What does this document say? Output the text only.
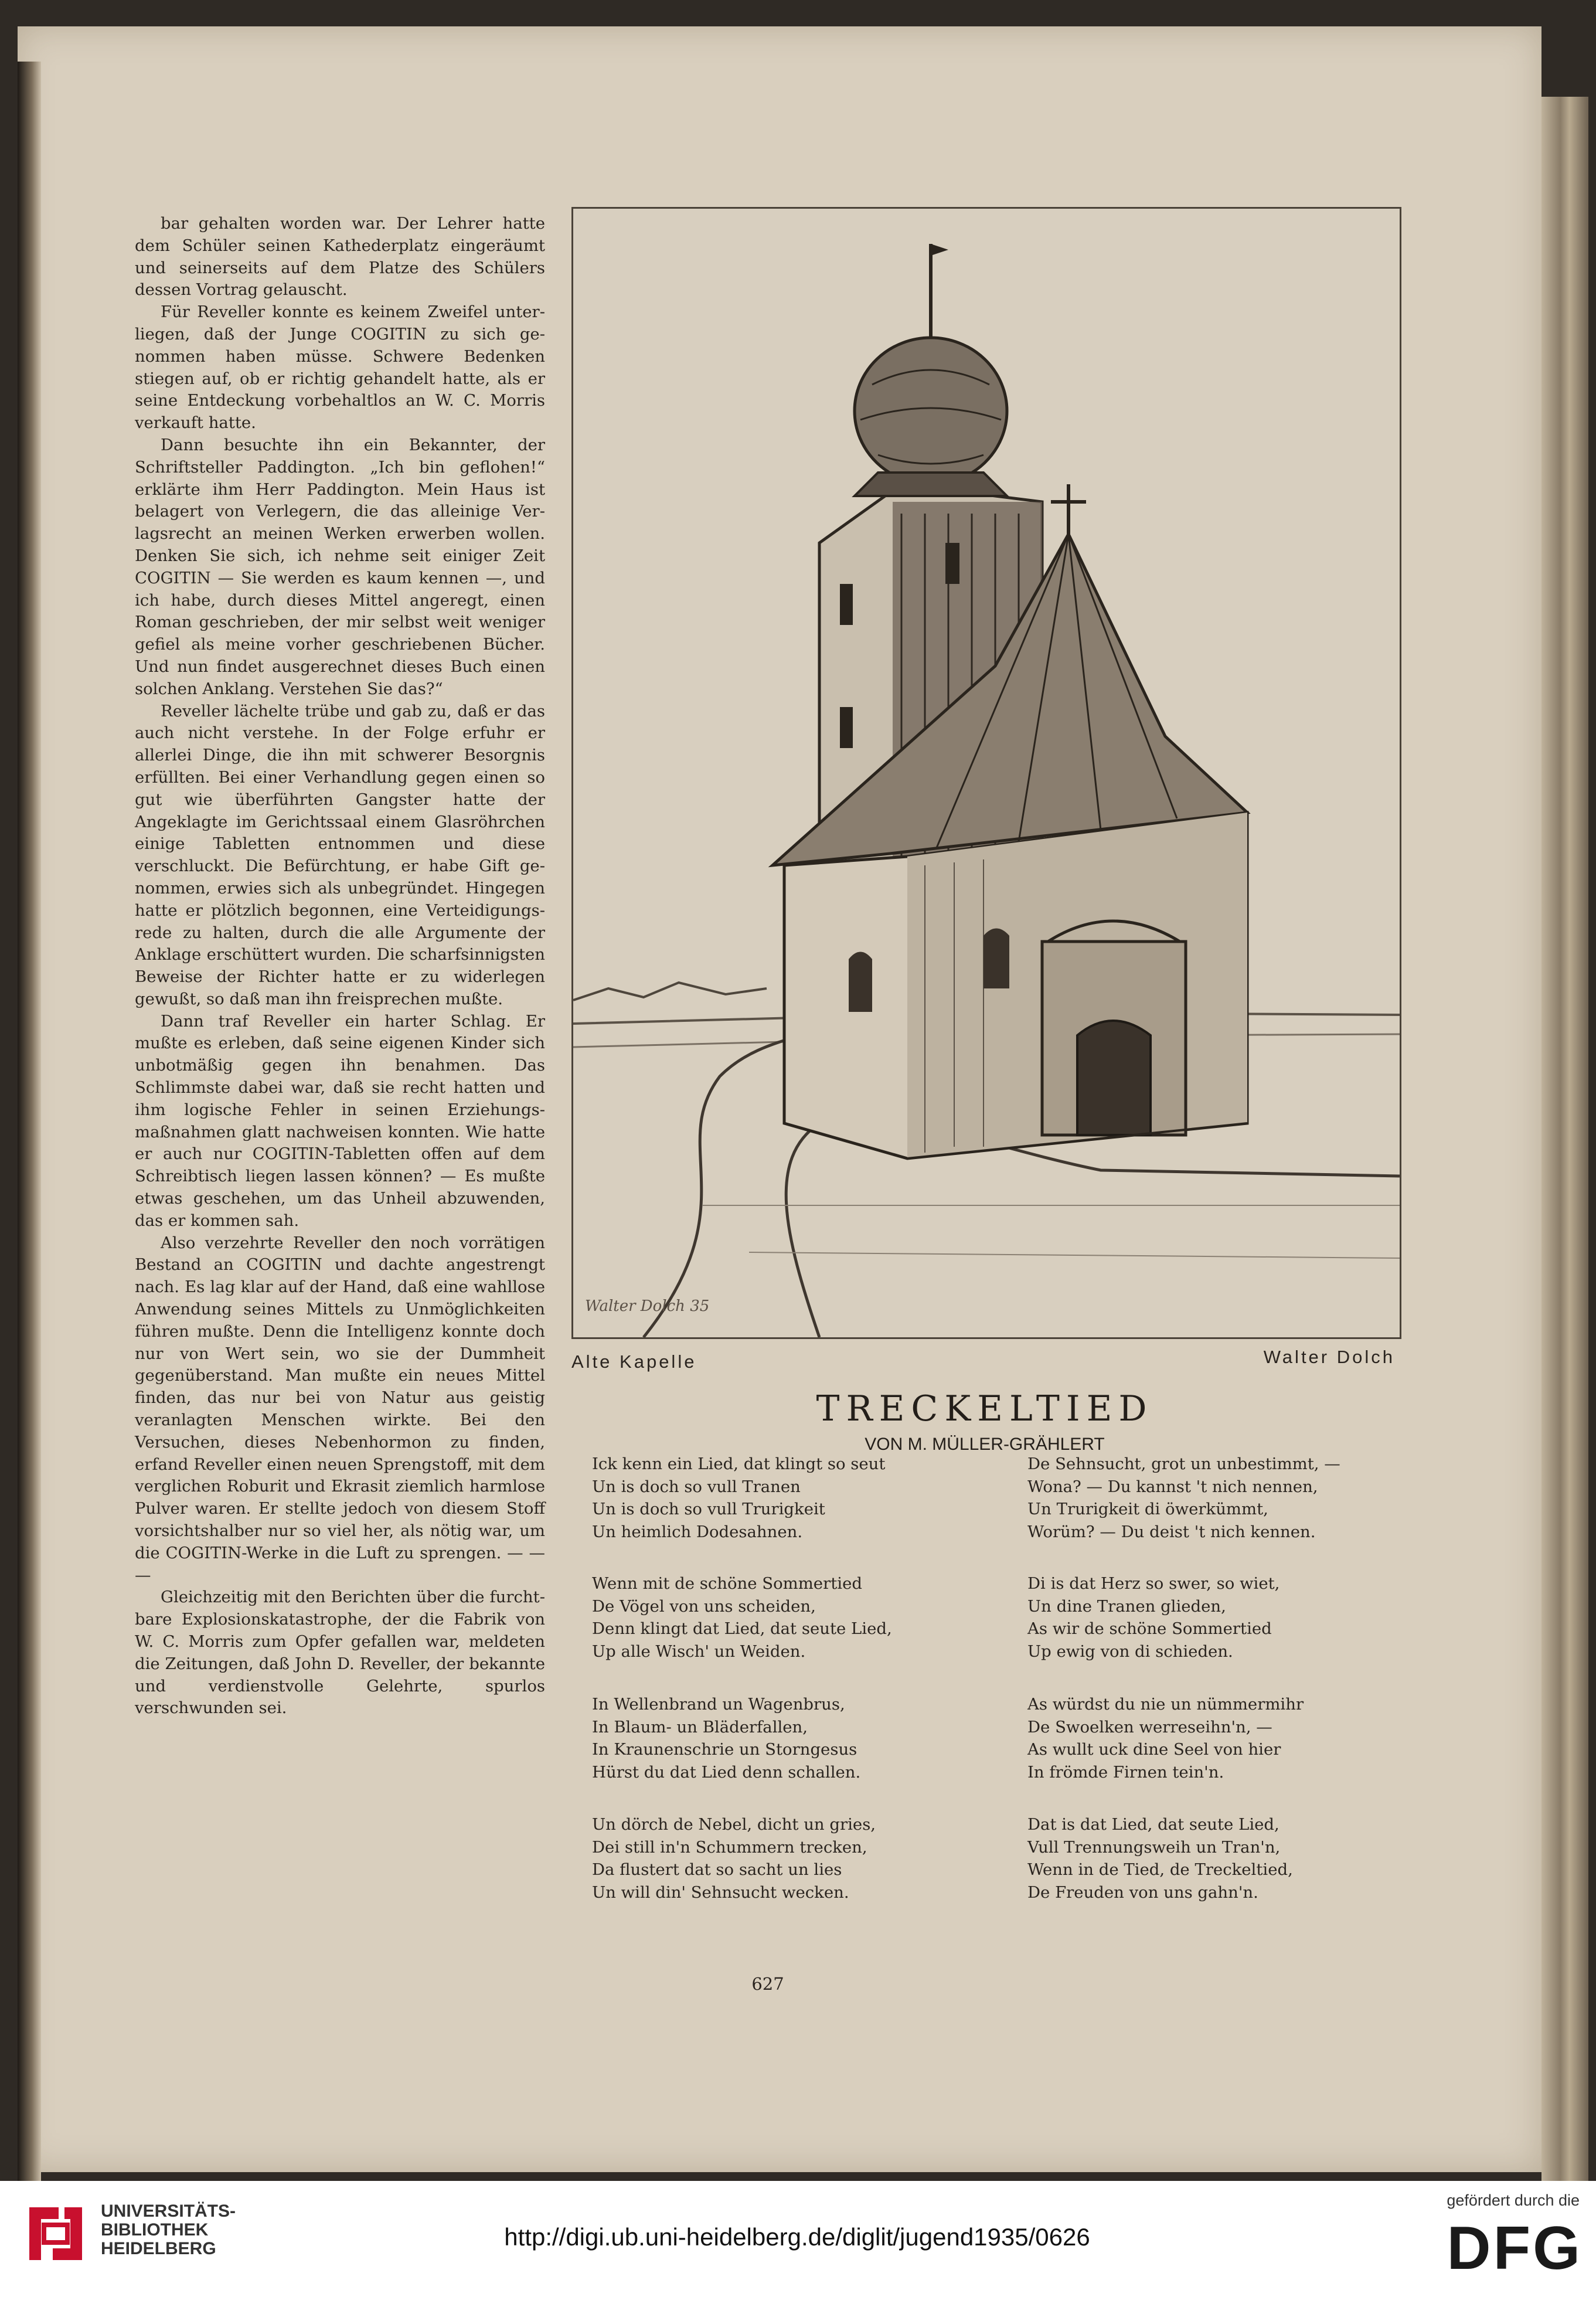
bar gehalten worden war. Der Lehrer hatte dem Schüler seinen Kathederplatz eingeräumt und seinerseits auf dem Platze des Schülers dessen Vortrag gelauscht.

Für Reveller konnte es keinem Zweifel unterliegen, daß der Junge COGITIN zu sich genommen haben müsse. Schwere Bedenken stiegen auf, ob er richtig gehandelt hatte, als er seine Entdeckung vorbehaltlos an W. C. Morris verkauft hatte.

Dann besuchte ihn ein Bekannter, der Schriftsteller Paddington. „Ich bin geflohen!“ erklärte ihm Herr Paddington. Mein Haus ist belagert von Verlegern, die das alleinige Verlagsrecht an meinen Werken erwerben wollen. Denken Sie sich, ich nehme seit einiger Zeit COGITIN — Sie werden es kaum kennen —, und ich habe, durch dieses Mittel angeregt, einen Roman geschrieben, der mir selbst weit weniger gefiel als meine vorher geschriebenen Bücher. Und nun findet ausgerechnet dieses Buch einen solchen Anklang. Verstehen Sie das?“

Reveller lächelte trübe und gab zu, daß er das auch nicht verstehe. In der Folge erfuhr er allerlei Dinge, die ihn mit schwerer Besorgnis erfüllten. Bei einer Verhandlung gegen einen so gut wie überführten Gangster hatte der Angeklagte im Gerichtssaal einem Glasröhrchen einige Tabletten entnommen und diese verschluckt. Die Befürchtung, er habe Gift genommen, erwies sich als unbegründet. Hingegen hatte er plötzlich begonnen, eine Verteidigungsrede zu halten, durch die alle Argumente der Anklage erschüttert wurden. Die scharfsinnigsten Beweise der Richter hatte er zu widerlegen gewußt, so daß man ihn freisprechen mußte.

Dann traf Reveller ein harter Schlag. Er mußte es erleben, daß seine eigenen Kinder sich unbotmäßig gegen ihn benahmen. Das Schlimmste dabei war, daß sie recht hatten und ihm logische Fehler in seinen Erziehungsmaßnahmen glatt nachweisen konnten. Wie hatte er auch nur COGITIN-Tabletten offen auf dem Schreibtisch liegen lassen können? — Es mußte etwas geschehen, um das Unheil abzuwenden, das er kommen sah.

Also verzehrte Reveller den noch vorrätigen Bestand an COGITIN und dachte angestrengt nach. Es lag klar auf der Hand, daß eine wahllose Anwendung seines Mittels zu Unmöglichkeiten führen mußte. Denn die Intelligenz konnte doch nur von Wert sein, wo sie der Dummheit gegenüberstand. Man mußte ein neues Mittel finden, das nur bei von Natur aus geistig veranlagten Menschen wirkte. Bei den Versuchen, dieses Nebenhormon zu finden, erfand Reveller einen neuen Sprengstoff, mit dem verglichen Roburit und Ekrasit ziemlich harmlose Pulver waren. Er stellte jedoch von diesem Stoff vorsichtshalber nur so viel her, als nötig war, um die COGITIN-Werke in die Luft zu sprengen. — — —

Gleichzeitig mit den Berichten über die furchtbare Explosionskatastrophe, der die Fabrik von W. C. Morris zum Opfer gefallen war, meldeten die Zeitungen, daß John D. Reveller, der bekannte und verdienstvolle Gelehrte, spurlos verschwunden sei.

Walter Dolch 35
Alte Kapelle	Walter Dolch
TRECKELTIED
VON M. MÜLLER-GRÄHLERT
Ick kenn ein Lied, dat klingt so seut
Un is doch so vull Tranen
Un is doch so vull Trurigkeit
Un heimlich Dodesahnen.
Wenn mit de schöne Sommertied
De Vögel von uns scheiden,
Denn klingt dat Lied, dat seute Lied,
Up alle Wisch' un Weiden.
In Wellenbrand un Wagenbrus,
In Blaum- un Bläderfallen,
In Kraunenschrie un Storngesus
Hürst du dat Lied denn schallen.
Un dörch de Nebel, dicht un gries,
Dei still in'n Schummern trecken,
Da flustert dat so sacht un lies
Un will din' Sehnsucht wecken.
De Sehnsucht, grot un unbestimmt, —
Wona? — Du kannst 't nich nennen,
Un Trurigkeit di öwerkümmt,
Worüm? — Du deist 't nich kennen.
Di is dat Herz so swer, so wiet,
Un dine Tranen glieden,
As wir de schöne Sommertied
Up ewig von di schieden.
As würdst du nie un nümmermihr
De Swoelken werreseihn'n, —
As wullt uck dine Seel von hier
In frömde Firnen tein'n.
Dat is dat Lied, dat seute Lied,
Vull Trennungsweih un Tran'n,
Wenn in de Tied, de Treckeltied,
De Freuden von uns gahn'n.
627
UNIVERSITÄTS-
BIBLIOTHEK
HEIDELBERG	http://digi.ub.uni-heidelberg.de/diglit/jugend1935/0626
gefördert durch die
DFG
